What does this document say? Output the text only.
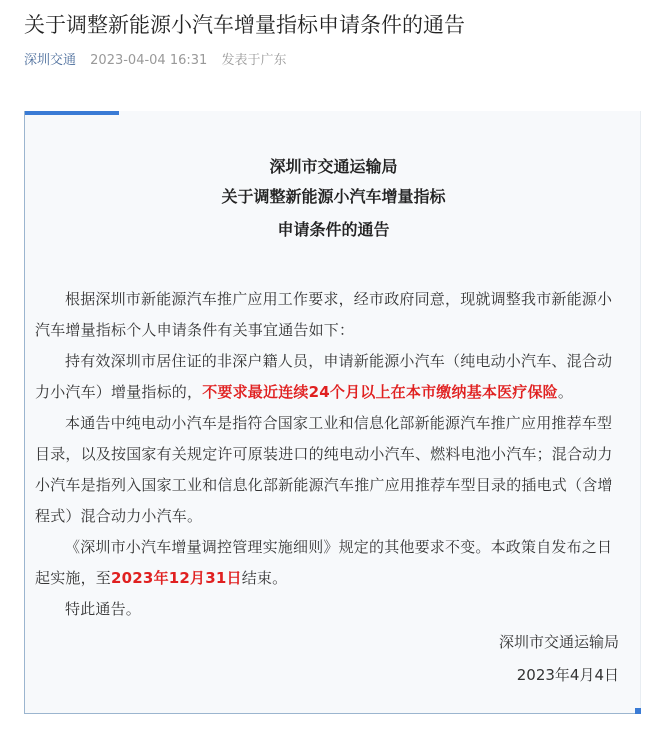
关于调整新能源小汽车增量指标申请条件的通告
深圳交通 2023-04-04 16:31 发表于广东
深圳市交通运输局
关于调整新能源小汽车增量指标
申请条件的通告

根据深圳市新能源汽车推广应用工作要求，经市政府同意，现就调整我市新能源小汽车增量指标个人申请条件有关事宜通告如下：

持有效深圳市居住证的非深户籍人员，申请新能源小汽车（纯电动小汽车、混合动力小汽车）增量指标的，不要求最近连续24个月以上在本市缴纳基本医疗保险。

本通告中纯电动小汽车是指符合国家工业和信息化部新能源汽车推广应用推荐车型目录，以及按国家有关规定许可原装进口的纯电动小汽车、燃料电池小汽车；混合动力小汽车是指列入国家工业和信息化部新能源汽车推广应用推荐车型目录的插电式（含增程式）混合动力小汽车。

《深圳市小汽车增量调控管理实施细则》规定的其他要求不变。本政策自发布之日起实施，至2023年12月31日结束。

特此通告。

深圳市交通运输局
2023年4月4日
